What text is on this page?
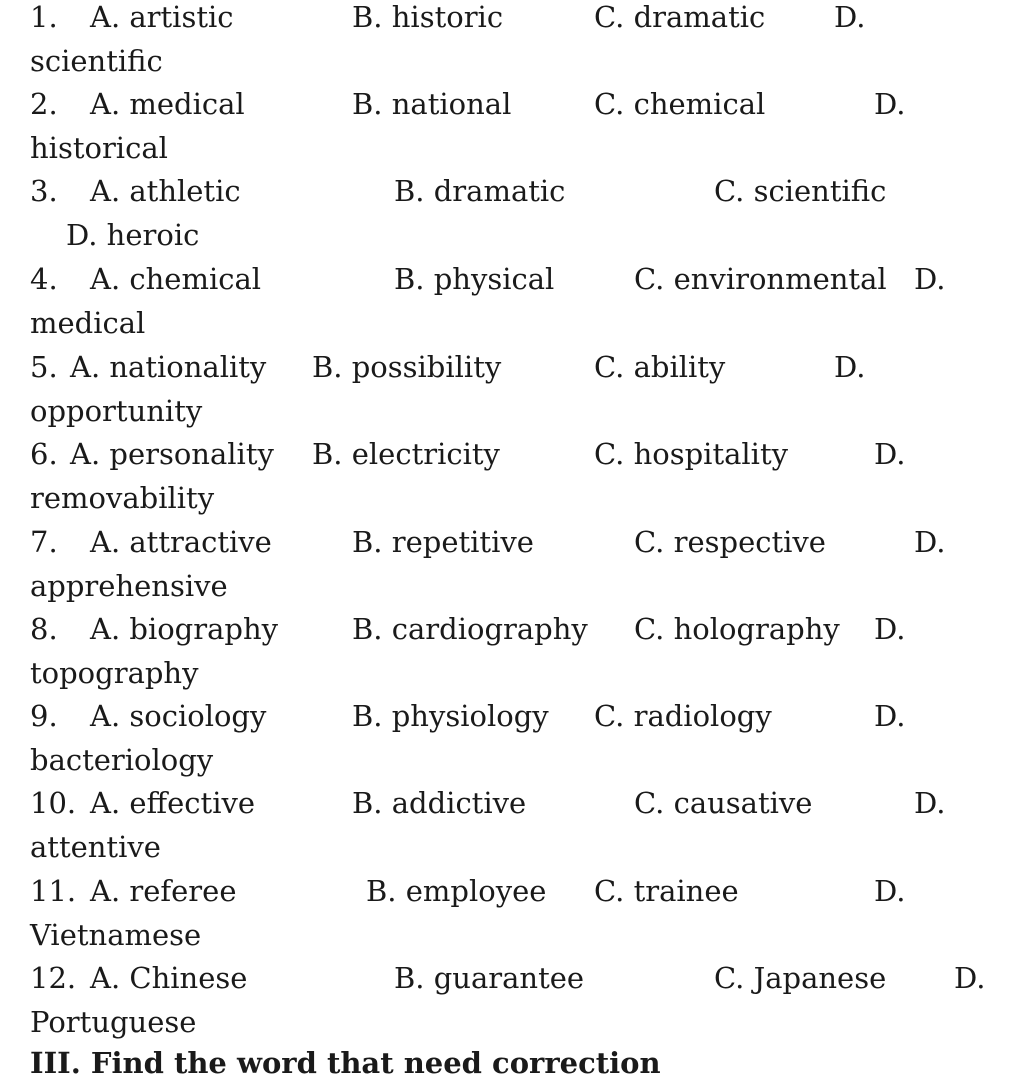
1. A. artistic	B. historic	C. dramatic D.
scientific
2. A. medical	B. national	C. chemical	D.
historical
3. A. athletic	B. dramatic	C. scientific
D. heroic
4. A. chemical	B. physical	C. environmental D.
medical
5. A. nationality B. possibility	C. ability	D.
opportunity
6. A. personality B. electricity	C. hospitality	D.
removability
7. A. attractive	B. repetitive	C. respective	D.
apprehensive
8. A. biography	B. cardiography C. holography D.
topography
9. A. sociology	B. physiology C. radiology	D.
bacteriology
10. A. effective	B. addictive	C. causative	D.
attentive
11. A. referee	B. employee C. trainee	D.
Vietnamese
12. A. Chinese	B. guarantee	C. Japanese D.
Portuguese
III. Find the word that need correction
